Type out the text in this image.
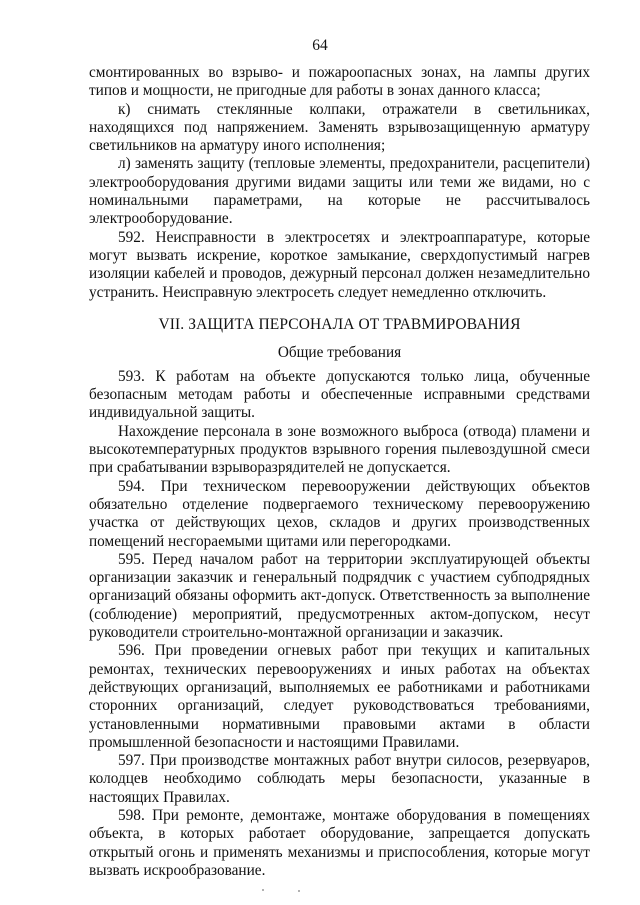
64

смонтированных во взрыво- и пожароопасных зонах, на лампы других типов и мощности, не пригодные для работы в зонах данного класса;

к) снимать стеклянные колпаки, отражатели в светильниках, находящихся под напряжением. Заменять взрывозащищенную арматуру светильников на арматуру иного исполнения;

л) заменять защиту (тепловые элементы, предохранители, расцепители) электрооборудования другими видами защиты или теми же видами, но с номинальными параметрами, на которые не рассчитывалось электрооборудование.

592. Неисправности в электросетях и электроаппаратуре, которые могут вызвать искрение, короткое замыкание, сверхдопустимый нагрев изоляции кабелей и проводов, дежурный персонал должен незамедлительно устранить. Неисправную электросеть следует немедленно отключить.

VII. ЗАЩИТА ПЕРСОНАЛА ОТ ТРАВМИРОВАНИЯ
Общие требования

593. К работам на объекте допускаются только лица, обученные безопасным методам работы и обеспеченные исправными средствами индивидуальной защиты.

Нахождение персонала в зоне возможного выброса (отвода) пламени и высокотемпературных продуктов взрывного горения пылевоздушной смеси при срабатывании взрыворазрядителей не допускается.

594. При техническом перевооружении действующих объектов обязательно отделение подвергаемого техническому перевооружению участка от действующих цехов, складов и других производственных помещений несгораемыми щитами или перегородками.

595. Перед началом работ на территории эксплуатирующей объекты организации заказчик и генеральный подрядчик с участием субподрядных организаций обязаны оформить акт-допуск. Ответственность за выполнение (соблюдение) мероприятий, предусмотренных актом-допуском, несут руководители строительно-монтажной организации и заказчик.

596. При проведении огневых работ при текущих и капитальных ремонтах, технических перевооружениях и иных работах на объектах действующих организаций, выполняемых ее работниками и работниками сторонних организаций, следует руководствоваться требованиями, установленными нормативными правовыми актами в области промышленной безопасности и настоящими Правилами.

597. При производстве монтажных работ внутри силосов, резервуаров, колодцев необходимо соблюдать меры безопасности, указанные в настоящих Правилах.

598. При ремонте, демонтаже, монтаже оборудования в помещениях объекта, в которых работает оборудование, запрещается допускать открытый огонь и применять механизмы и приспособления, которые могут вызвать искрообразование.
